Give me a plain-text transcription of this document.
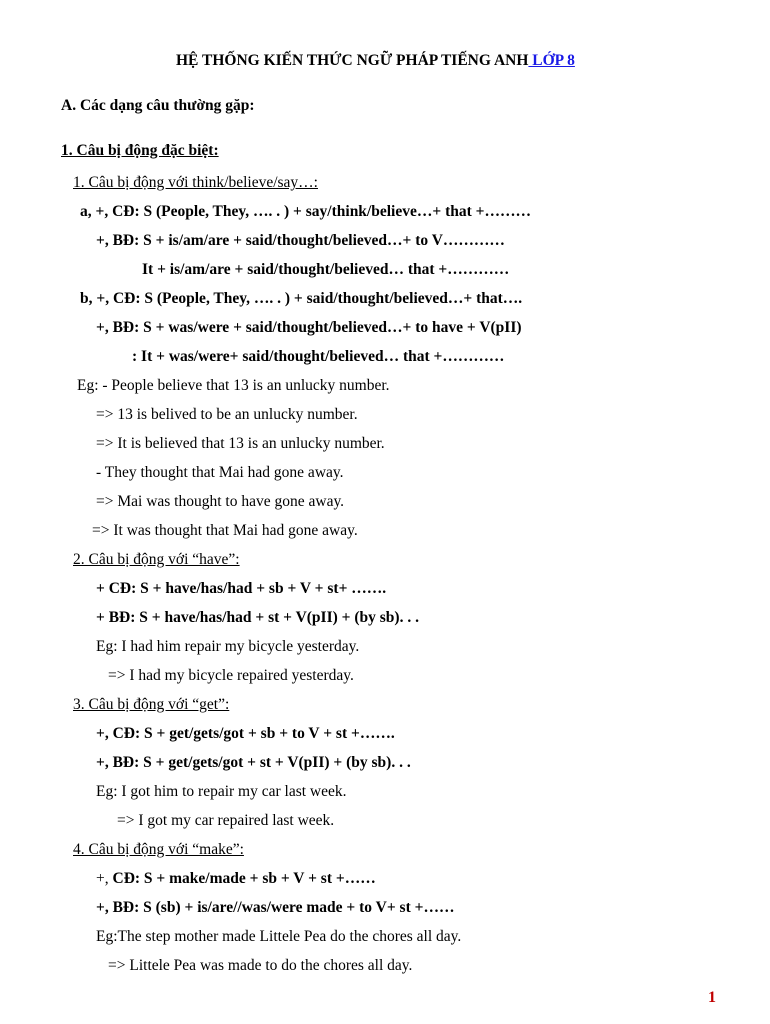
HỆ THỐNG KIẾN THỨC NGỮ PHÁP TIẾNG ANH LỚP 8
A. Các dạng câu thường gặp:
1. Câu bị động đặc biệt:
1. Câu bị động với think/believe/say…:
a, +, CĐ: S (People, They, …. . ) + say/think/believe…+ that +………
+, BĐ: S + is/am/are + said/thought/believed…+ to V…………
It + is/am/are + said/thought/believed… that +…………
b, +, CĐ: S (People, They, …. . ) + said/thought/believed…+ that….
+, BĐ: S + was/were + said/thought/believed…+ to have + V(pII)
: It + was/were+ said/thought/believed… that +…………
Eg: - People believe that 13 is an unlucky number.
=> 13 is belived to be an unlucky number.
=> It is believed that 13 is an unlucky number.
- They thought that Mai had gone away.
=> Mai was thought to have gone away.
=> It was thought that Mai had gone away.
2. Câu bị động với “have”:
+ CĐ: S + have/has/had + sb + V + st+ …….
+ BĐ: S + have/has/had + st + V(pII) + (by sb). . .
Eg: I had him repair my bicycle yesterday.
=> I had my bicycle repaired yesterday.
3. Câu bị động với “get”:
+, CĐ: S + get/gets/got + sb + to V + st +…….
+, BĐ: S + get/gets/got + st + V(pII) + (by sb). . .
Eg: I got him to repair my car last week.
=> I got my car repaired last week.
4. Câu bị động với “make”:
+, CĐ: S + make/made + sb + V + st +……
+, BĐ: S (sb) + is/are//was/were made + to V+ st +……
Eg:The step mother made Littele Pea do the chores all day.
=> Littele Pea was made to do the chores all day.
1
